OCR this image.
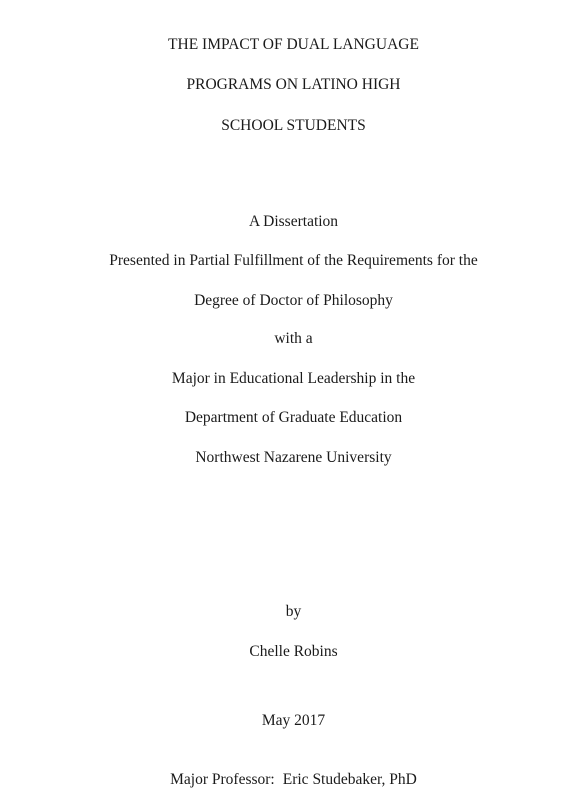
THE IMPACT OF DUAL LANGUAGE
PROGRAMS ON LATINO HIGH
SCHOOL STUDENTS
A Dissertation
Presented in Partial Fulfillment of the Requirements for the
Degree of Doctor of Philosophy
with a
Major in Educational Leadership in the
Department of Graduate Education
Northwest Nazarene University
by
Chelle Robins
May 2017
Major Professor: Eric Studebaker, PhD
